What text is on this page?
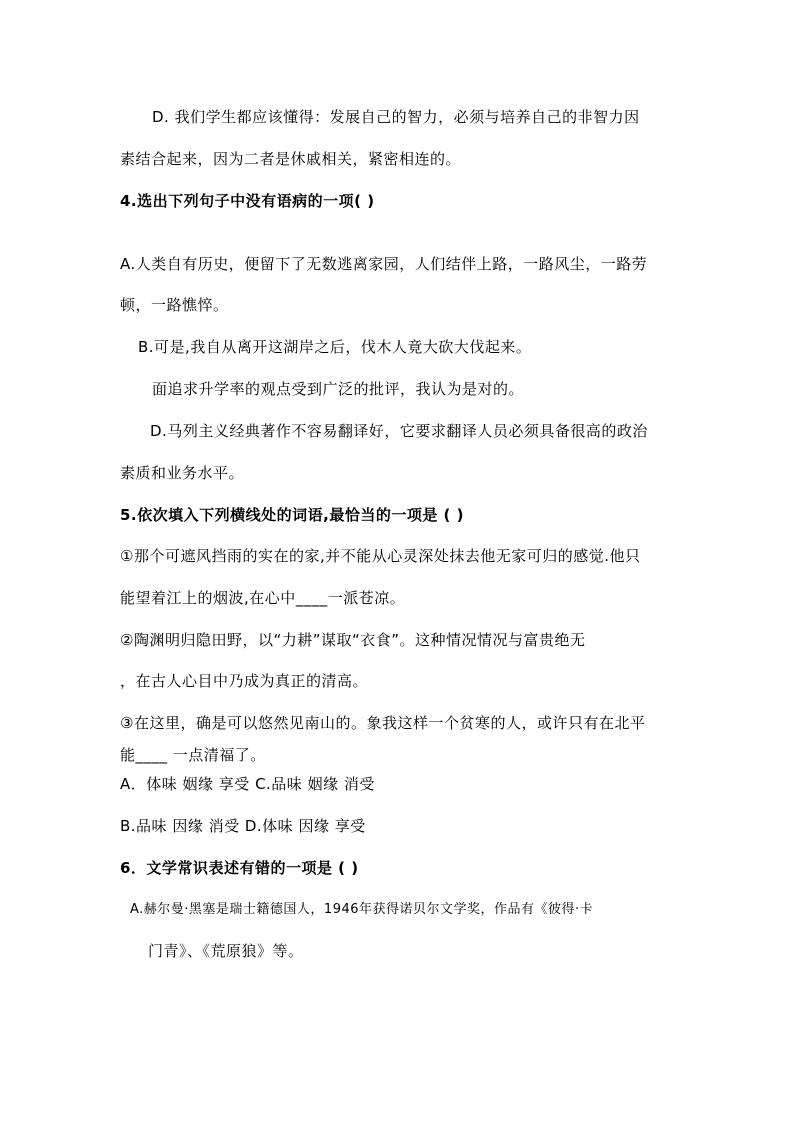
D. 我们学生都应该懂得：发展自己的智力，必须与培养自己的非智力因
素结合起来，因为二者是休戚相关，紧密相连的。
4.选出下列句子中没有语病的一项( )
A.人类自有历史，便留下了无数逃离家园，人们结伴上路，一路风尘，一路劳
顿，一路憔悴。
B.可是,我自从离开这湖岸之后，伐木人竟大砍大伐起来。
面追求升学率的观点受到广泛的批评，我认为是对的。
D.马列主义经典著作不容易翻译好，它要求翻译人员必须具备很高的政治
素质和业务水平。
5.依次填入下列横线处的词语,最恰当的一项是 ( )
①那个可遮风挡雨的实在的家,并不能从心灵深处抹去他无家可归的感觉.他只
能望着江上的烟波,在心中____一派苍凉。
②陶渊明归隐田野，以“力耕”谋取“衣食”。这种情况情况与富贵绝无
，在古人心目中乃成为真正的清高。
③在这里，确是可以悠然见南山的。象我这样一个贫寒的人，或许只有在北平
能____ 一点清福了。
A．体味 姻缘 享受 C.品味 姻缘 消受
B.品味 因缘 消受 D.体味 因缘 享受
6．文学常识表述有错的一项是 ( )
A.赫尔曼·黑塞是瑞士籍德国人，1946年获得诺贝尔文学奖，作品有《彼得·卡
门青》、《荒原狼》等。
